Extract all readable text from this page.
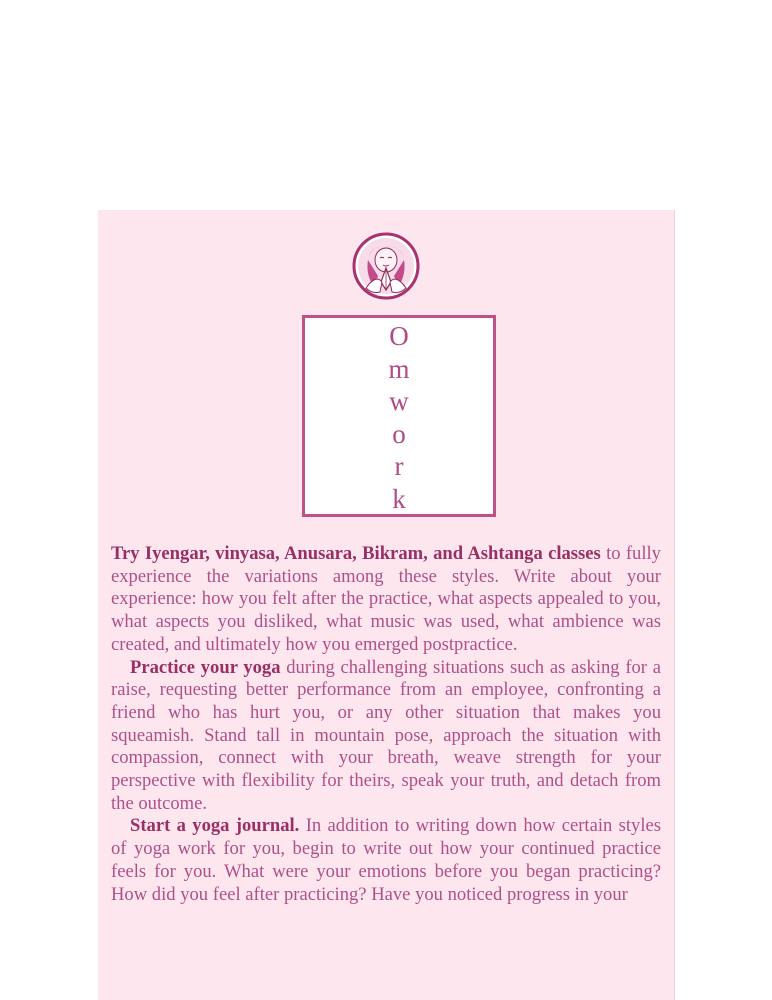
O
m
w
o
r
k

Try Iyengar, vinyasa, Anusara, Bikram, and Ashtanga classes to fully experience the variations among these styles. Write about your experience: how you felt after the practice, what aspects appealed to you, what aspects you disliked, what music was used, what ambience was created, and ultimately how you emerged postpractice.

Practice your yoga during challenging situations such as asking for a raise, requesting better performance from an employee, confronting a friend who has hurt you, or any other situation that makes you squeamish. Stand tall in mountain pose, approach the situation with compassion, connect with your breath, weave strength for your perspective with flexibility for theirs, speak your truth, and detach from the outcome.

Start a yoga journal. In addition to writing down how certain styles of yoga work for you, begin to write out how your continued practice feels for you. What were your emotions before you began practicing? How did you feel after practicing? Have you noticed progress in your
